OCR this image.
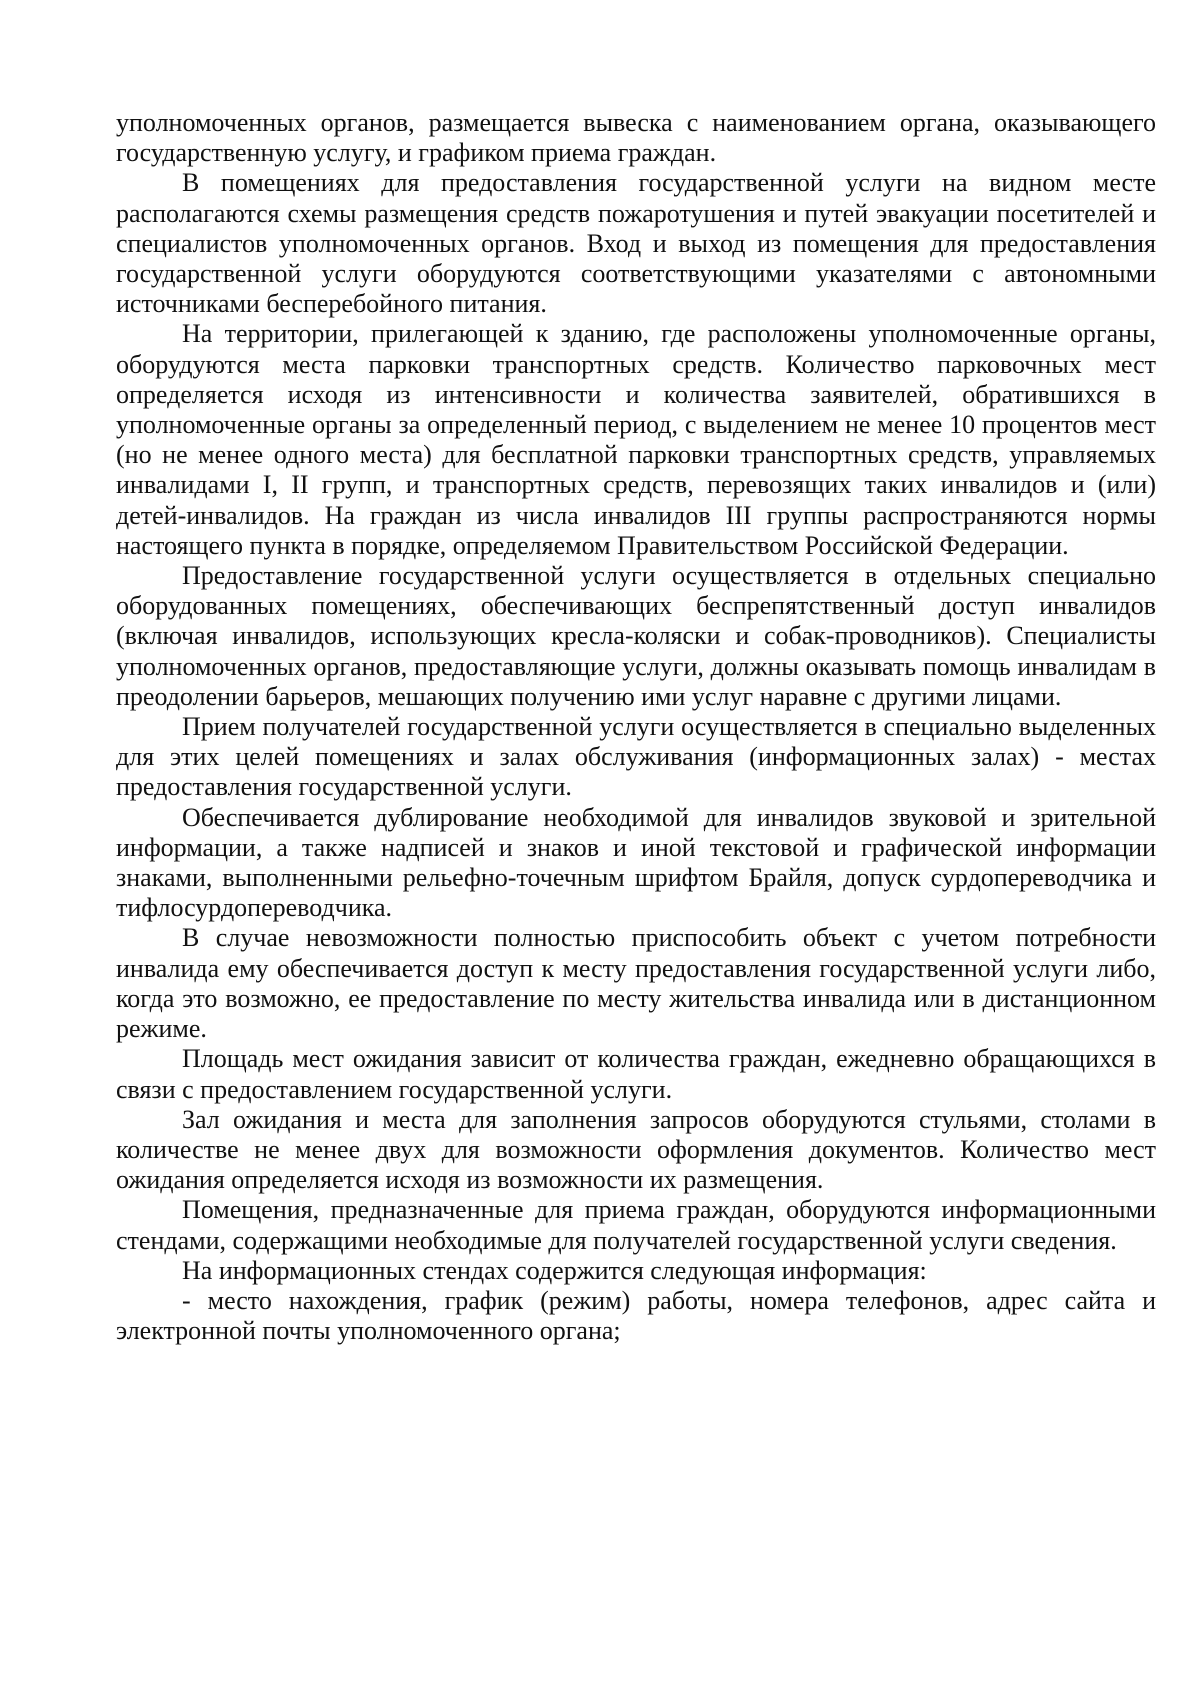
уполномоченных органов, размещается вывеска с наименованием органа, оказывающего государственную услугу, и графиком приема граждан.

В помещениях для предоставления государственной услуги на видном месте располагаются схемы размещения средств пожаротушения и путей эвакуации посетителей и специалистов уполномоченных органов. Вход и выход из помещения для предоставления государственной услуги оборудуются соответствующими указателями с автономными источниками бесперебойного питания.

На территории, прилегающей к зданию, где расположены уполномоченные органы, оборудуются места парковки транспортных средств. Количество парковочных мест определяется исходя из интенсивности и количества заявителей, обратившихся в уполномоченные органы за определенный период, с выделением не менее 10 процентов мест (но не менее одного места) для бесплатной парковки транспортных средств, управляемых инвалидами I, II групп, и транспортных средств, перевозящих таких инвалидов и (или) детей-инвалидов. На граждан из числа инвалидов III группы распространяются нормы настоящего пункта в порядке, определяемом Правительством Российской Федерации.

Предоставление государственной услуги осуществляется в отдельных специально оборудованных помещениях, обеспечивающих беспрепятственный доступ инвалидов (включая инвалидов, использующих кресла-коляски и собак-проводников). Специалисты уполномоченных органов, предоставляющие услуги, должны оказывать помощь инвалидам в преодолении барьеров, мешающих получению ими услуг наравне с другими лицами.

Прием получателей государственной услуги осуществляется в специально выделенных для этих целей помещениях и залах обслуживания (информационных залах) - местах предоставления государственной услуги.

Обеспечивается дублирование необходимой для инвалидов звуковой и зрительной информации, а также надписей и знаков и иной текстовой и графической информации знаками, выполненными рельефно-точечным шрифтом Брайля, допуск сурдопереводчика и тифлосурдопереводчика.

В случае невозможности полностью приспособить объект с учетом потребности инвалида ему обеспечивается доступ к месту предоставления государственной услуги либо, когда это возможно, ее предоставление по месту жительства инвалида или в дистанционном режиме.

Площадь мест ожидания зависит от количества граждан, ежедневно обращающихся в связи с предоставлением государственной услуги.

Зал ожидания и места для заполнения запросов оборудуются стульями, столами в количестве не менее двух для возможности оформления документов. Количество мест ожидания определяется исходя из возможности их размещения.

Помещения, предназначенные для приема граждан, оборудуются информационными стендами, содержащими необходимые для получателей государственной услуги сведения.

На информационных стендах содержится следующая информация:

- место нахождения, график (режим) работы, номера телефонов, адрес сайта и электронной почты уполномоченного органа;
